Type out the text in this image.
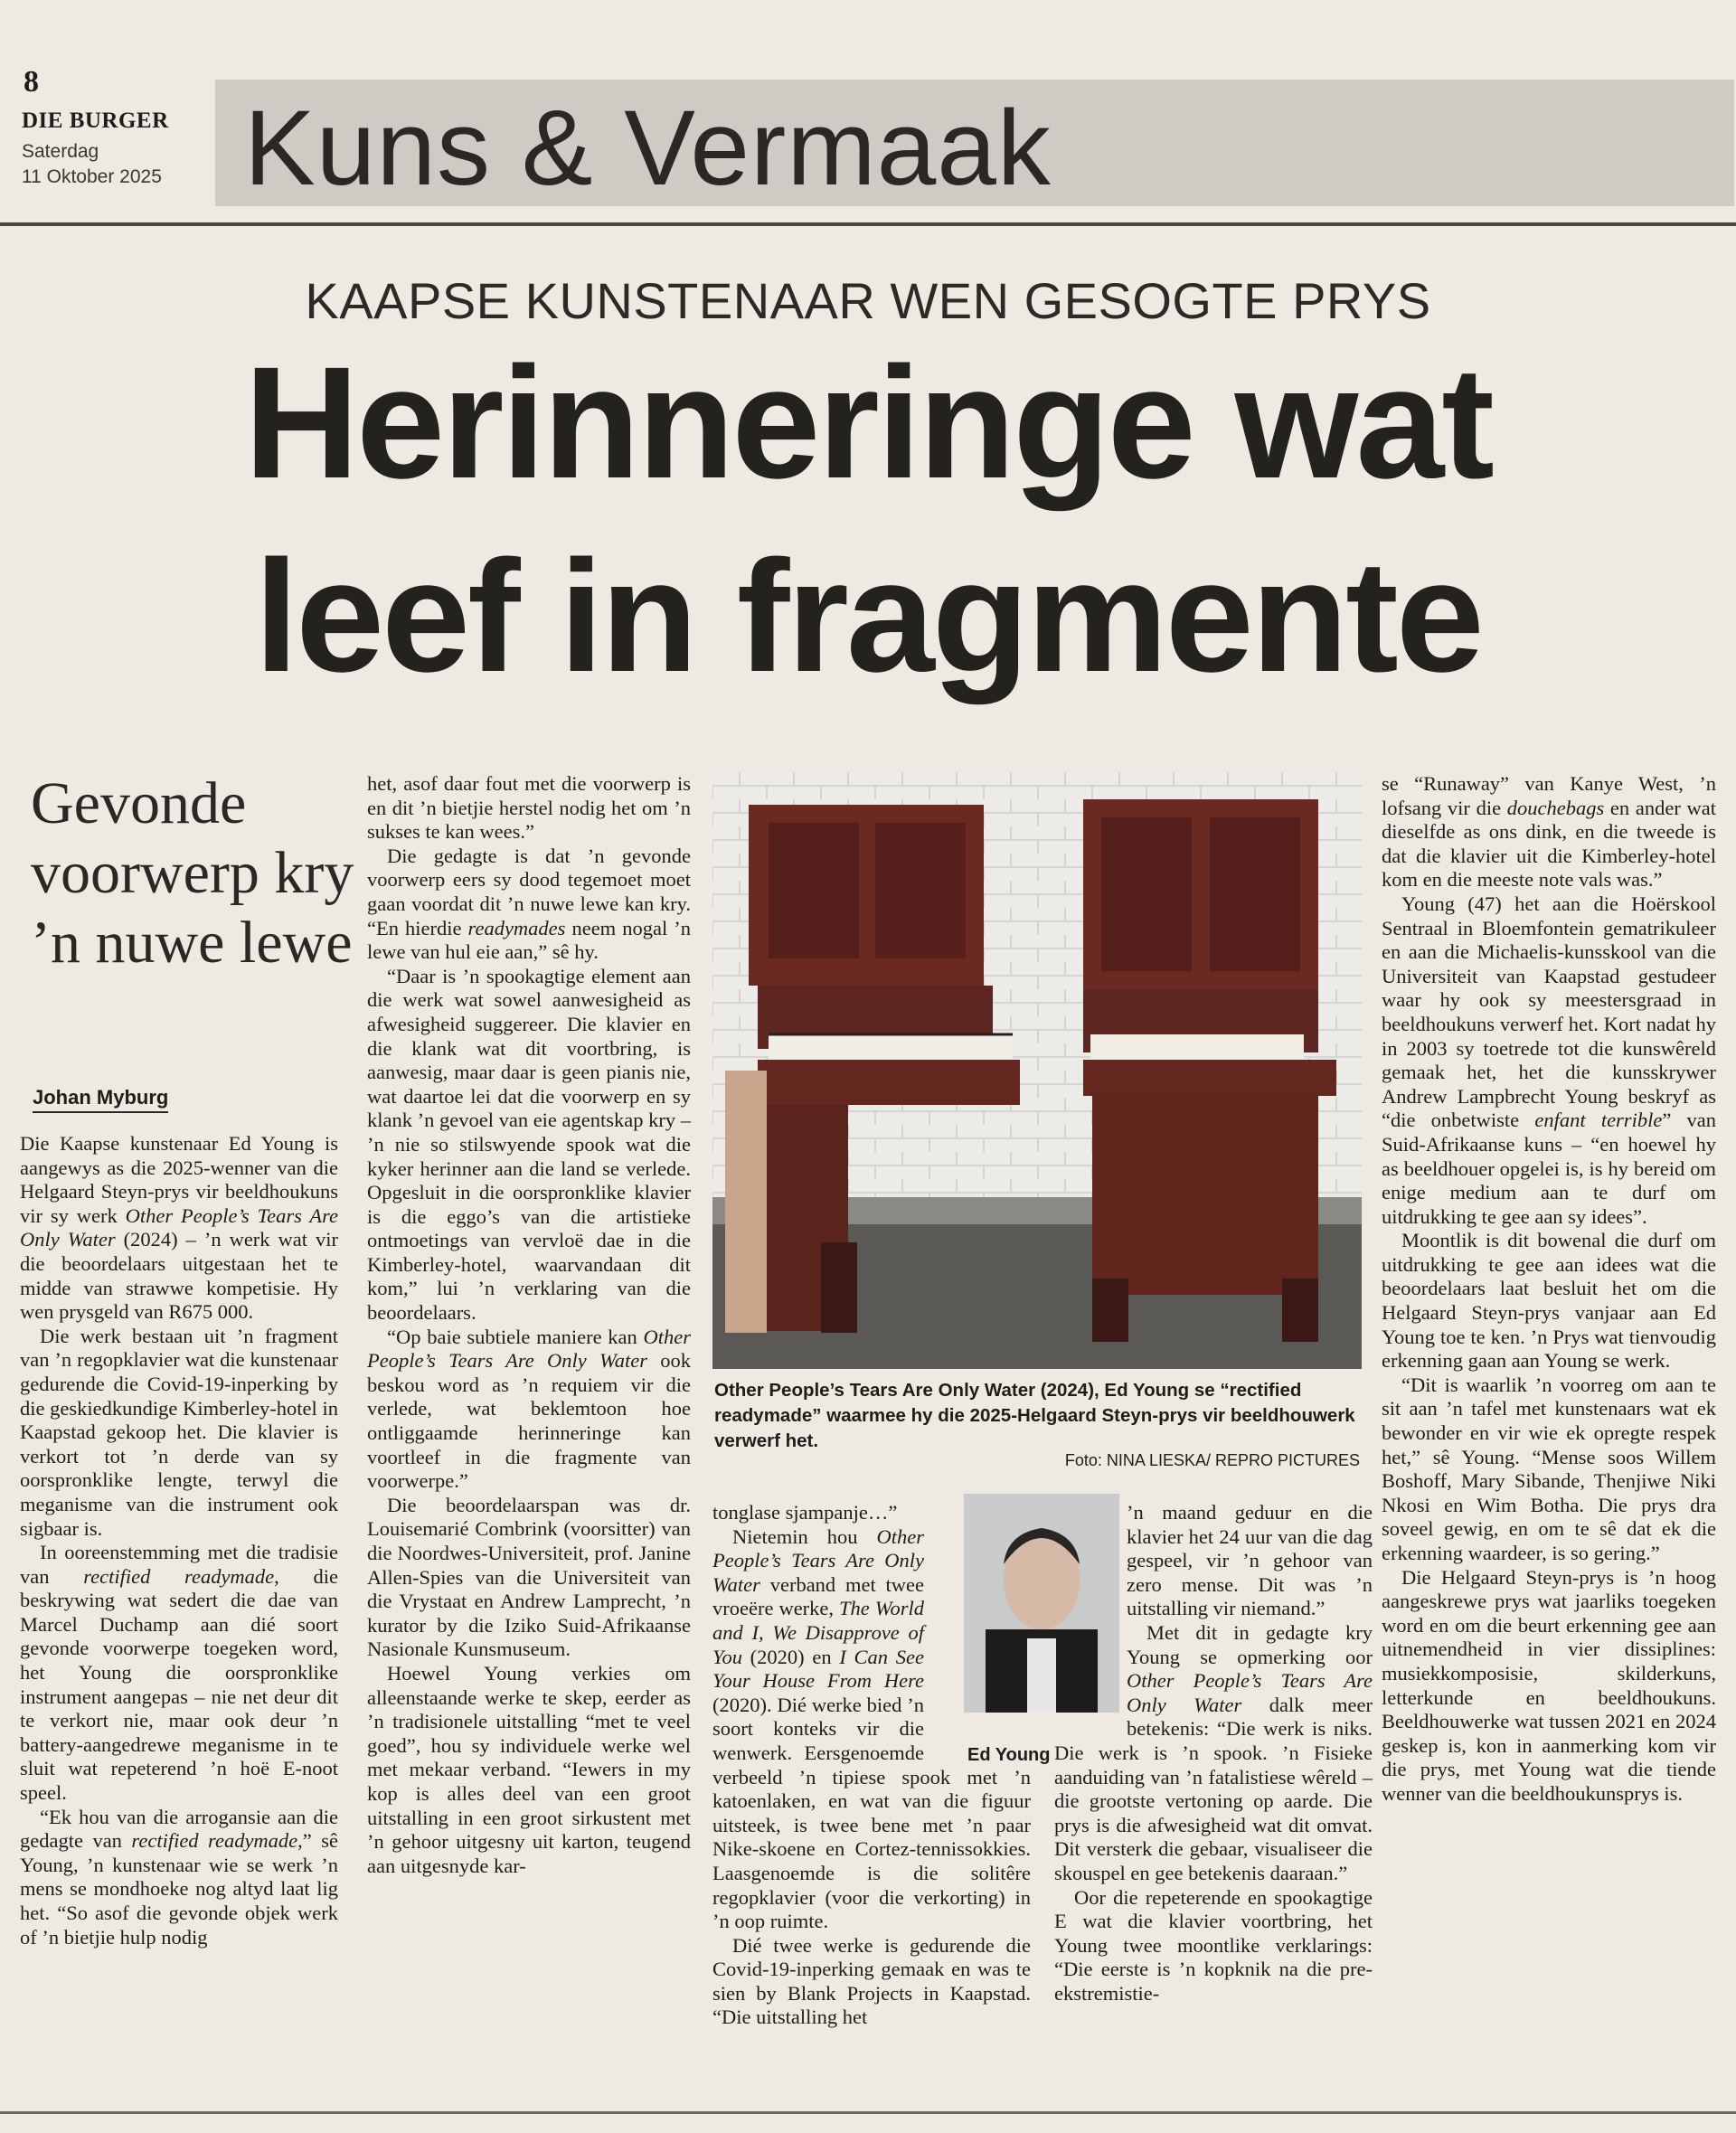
8
DIE BURGER
Saterdag
11 Oktober 2025 Kuns & Vermaak
KAAPSE KUNSTENAAR WEN GESOGTE PRYS
Herinneringe wat
leef in fragmente
Gevonde voorwerp kry ’n nuwe lewe
Johan Myburg

Die Kaapse kunstenaar Ed Young is aangewys as die 2025-wenner van die Helgaard Steyn-prys vir beeldhoukuns vir sy werk Other People’s Tears Are Only Water (2024) – ’n werk wat vir die beoordelaars uitgestaan het te midde van strawwe kompetisie. Hy wen prysgeld van R675 000.

Die werk bestaan uit ’n fragment van ’n regopklavier wat die kunstenaar gedurende die Covid-19-inperking by die geskiedkundige Kimberley-hotel in Kaapstad gekoop het. Die klavier is verkort tot ’n derde van sy oorspronklike lengte, terwyl die meganisme van die instrument ook sigbaar is.

In ooreenstemming met die tradisie van rectified readymade, die beskrywing wat sedert die dae van Marcel Duchamp aan dié soort gevonde voorwerpe toegeken word, het Young die oorspronklike instrument aangepas – nie net deur dit te verkort nie, maar ook deur ’n battery-aangedrewe meganisme in te sluit wat repeterend ’n hoë E-noot speel.

“Ek hou van die arrogansie aan die gedagte van rectified readymade,” sê Young, ’n kunstenaar wie se werk ’n mens se mondhoeke nog altyd laat lig het. “So asof die gevonde objek werk of ’n bietjie hulp nodig

het, asof daar fout met die voorwerp is en dit ’n bietjie herstel nodig het om ’n sukses te kan wees.”

Die gedagte is dat ’n gevonde voorwerp eers sy dood tegemoet moet gaan voordat dit ’n nuwe lewe kan kry. “En hierdie readymades neem nogal ’n lewe van hul eie aan,” sê hy.

“Daar is ’n spookagtige element aan die werk wat sowel aanwesigheid as afwesigheid suggereer. Die klavier en die klank wat dit voortbring, is aanwesig, maar daar is geen pianis nie, wat daartoe lei dat die voorwerp en sy klank ’n gevoel van eie agentskap kry – ’n nie so stilswyende spook wat die kyker herinner aan die land se verlede. Opgesluit in die oorspronklike klavier is die eggo’s van die artistieke ontmoetings van vervloë dae in die Kimberley-hotel, waarvandaan dit kom,” lui ’n verklaring van die beoordelaars.

“Op baie subtiele maniere kan Other People’s Tears Are Only Water ook beskou word as ’n requiem vir die verlede, wat beklemtoon hoe ontliggaamde herinneringe kan voortleef in die fragmente van voorwerpe.”

Die beoordelaarspan was dr. Louisemarié Combrink (voorsitter) van die Noordwes-Universiteit, prof. Janine Allen-Spies van die Universiteit van die Vrystaat en Andrew Lamprecht, ’n kurator by die Iziko Suid-Afrikaanse Nasionale Kunsmuseum.

Hoewel Young verkies om alleenstaande werke te skep, eerder as ’n tradisionele uitstalling “met te veel goed”, hou sy individuele werke wel met mekaar verband. “Iewers in my kop is alles deel van een groot uitstalling in een groot sirkustent met ’n gehoor uitgesny uit karton, teugend aan uitgesnyde kar-

Other People’s Tears Are Only Water (2024), Ed Young se “rectified readymade” waarmee hy die 2025-Helgaard Steyn-prys vir beeldhouwerk verwerf het.
Foto: NINA LIESKA/ REPRO PICTURES
Ed Young

tonglase sjampanje…”

Nietemin hou Other People’s Tears Are Only Water verband met twee vroeëre werke, The World and I, We Disapprove of You (2020) en I Can See Your House From Here (2020). Dié werke bied ’n soort konteks vir die wenwerk. Eersgenoemde verbeeld ’n tipiese spook met ’n katoenlaken, en wat van die figuur uitsteek, is twee bene met ’n paar Nike-skoene en Cortez-tennissokkies. Laasgenoemde is die solitêre regopklavier (voor die verkorting) in ’n oop ruimte.

Dié twee werke is gedurende die Covid-19-inperking gemaak en was te sien by Blank Projects in Kaapstad. “Die uitstalling het

’n maand geduur en die klavier het 24 uur van die dag gespeel, vir ’n gehoor van zero mense. Dit was ’n uitstalling vir niemand.”

Met dit in gedagte kry Young se opmerking oor Other People’s Tears Are Only Water dalk meer betekenis: “Die werk is niks. Die werk is ’n spook. ’n Fisieke aanduiding van ’n fatalistiese wêreld – die grootste vertoning op aarde. Die prys is die afwesigheid wat dit omvat. Dit versterk die gebaar, visualiseer die skouspel en gee betekenis daaraan.”

Oor die repeterende en spookagtige E wat die klavier voortbring, het Young twee moontlike verklarings: “Die eerste is ’n kopknik na die pre-ekstremistie-

se “Runaway” van Kanye West, ’n lofsang vir die douchebags en ander wat dieselfde as ons dink, en die tweede is dat die klavier uit die Kimberley-hotel kom en die meeste note vals was.”

Young (47) het aan die Hoërskool Sentraal in Bloemfontein gematrikuleer en aan die Michaelis-kunsskool van die Universiteit van Kaapstad gestudeer waar hy ook sy meestersgraad in beeldhoukuns verwerf het. Kort nadat hy in 2003 sy toetrede tot die kunswêreld gemaak het, het die kunsskrywer Andrew Lampbrecht Young beskryf as “die onbetwiste enfant terrible” van Suid-Afrikaanse kuns – “en hoewel hy as beeldhouer opgelei is, is hy bereid om enige medium aan te durf om uitdrukking te gee aan sy idees”.

Moontlik is dit bowenal die durf om uitdrukking te gee aan idees wat die beoordelaars laat besluit het om die Helgaard Steyn-prys vanjaar aan Ed Young toe te ken. ’n Prys wat tienvoudig erkenning gaan aan Young se werk.

“Dit is waarlik ’n voorreg om aan te sit aan ’n tafel met kunstenaars wat ek bewonder en vir wie ek opregte respek het,” sê Young. “Mense soos Willem Boshoff, Mary Sibande, Thenjiwe Niki Nkosi en Wim Botha. Die prys dra soveel gewig, en om te sê dat ek die erkenning waardeer, is so gering.”

Die Helgaard Steyn-prys is ’n hoog aangeskrewe prys wat jaarliks toegeken word en om die beurt erkenning gee aan uitnemendheid in vier dissiplines: musiekkomposisie, skilderkuns, letterkunde en beeldhoukuns. Beeldhouwerke wat tussen 2021 en 2024 geskep is, kon in aanmerking kom vir die prys, met Young wat die tiende wenner van die beeldhoukunsprys is.
